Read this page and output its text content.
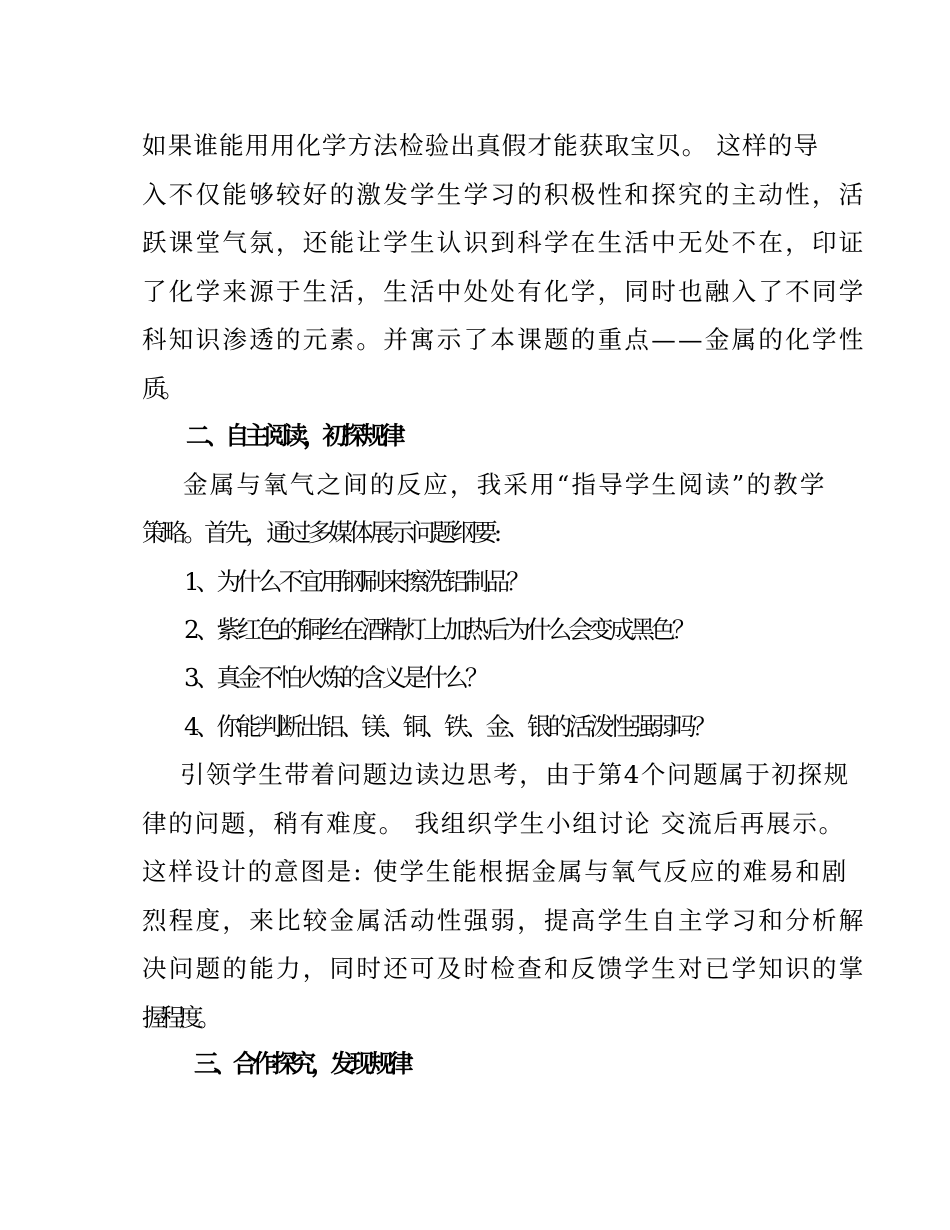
如果谁能用用化学方法检验出真假才能获取宝贝。 这样的导
入不仅能够较好的激发学生学习的积极性和探究的主动性，活
跃课堂气氛，还能让学生认识到科学在生活中无处不在，印证
了化学来源于生活，生活中处处有化学，同时也融入了不同学
科知识渗透的元素。并寓示了本课题的重点——金属的化学性
质。
二、自主阅读，初探规律
金属与氧气之间的反应，我采用“指导学生阅读”的教学
策略。首先，通过多媒体展示问题纲要:
1、为什么不宜用钢刷来擦洗铝制品？
2、紫红色的铜丝在酒精灯上加热后为什么会变成黑色？
3、真金不怕火炼的含义是什么？
4、你能判断出铝、镁、铜、铁、金、银的活泼性强弱吗？
引领学生带着问题边读边思考，由于第4个问题属于初探规
律的问题，稍有难度。 我组织学生小组讨论 交流后再展示。
这样设计的意图是: 使学生能根据金属与氧气反应的难易和剧
烈程度，来比较金属活动性强弱，提高学生自主学习和分析解
决问题的能力，同时还可及时检查和反馈学生对已学知识的掌
握程度。
三、合作探究，发现规律
